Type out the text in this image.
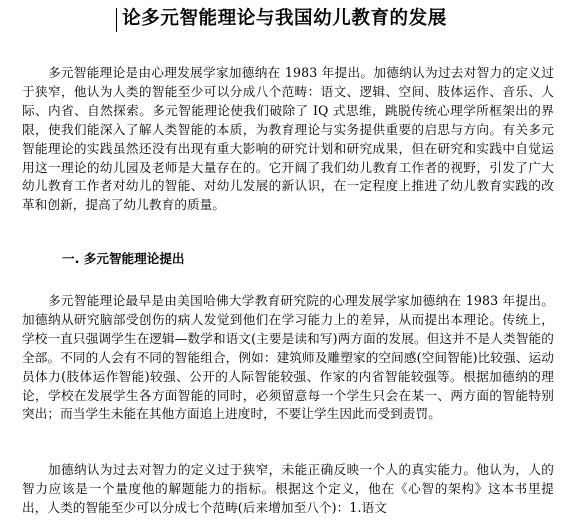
论多元智能理论与我国幼儿教育的发展

多元智能理论是由心理发展学家加德纳在 1983 年提出。加德纳认为过去对智力的定义过于狭窄，他认为人类的智能至少可以分成八个范畴：语文、逻辑、空间、肢体运作、音乐、人际、内省、自然探索。多元智能理论使我们破除了 IQ 式思维，跳脱传统心理学所框架出的界限，使我们能深入了解人类智能的本质，为教育理论与实务提供重要的启思与方向。有关多元智能理论的实践虽然还没有出现有重大影响的研究计划和研究成果，但在研究和实践中自觉运用这一理论的幼儿园及老师是大量存在的。它开阔了我们幼儿教育工作者的视野，引发了广大幼儿教育工作者对幼儿的智能、对幼儿发展的新认识，在一定程度上推进了幼儿教育实践的改革和创新，提高了幼儿教育的质量。

一. 多元智能理论提出

多元智能理论最早是由美国哈佛大学教育研究院的心理发展学家加德纳在 1983 年提出。加德纳从研究脑部受创伤的病人发觉到他们在学习能力上的差异，从而提出本理论。传统上，学校一直只强调学生在逻辑—数学和语文(主要是读和写)两方面的发展。但这并不是人类智能的全部。不同的人会有不同的智能组合，例如：建筑师及雕塑家的空间感(空间智能)比较强、运动员体力(肢体运作智能)较强、公开的人际智能较强、作家的内省智能较强等。根据加德纳的理论，学校在发展学生各方面智能的同时，必须留意每一个学生只会在某一、两方面的智能特别突出；而当学生未能在其他方面追上进度时，不要让学生因此而受到责罚。

加德纳认为过去对智力的定义过于狭窄，未能正确反映一个人的真实能力。他认为，人的智力应该是一个量度他的解题能力的指标。根据这个定义，他在《心智的架构》这本书里提出，人类的智能至少可以分成七个范畴(后来增加至八个)：1.语文
